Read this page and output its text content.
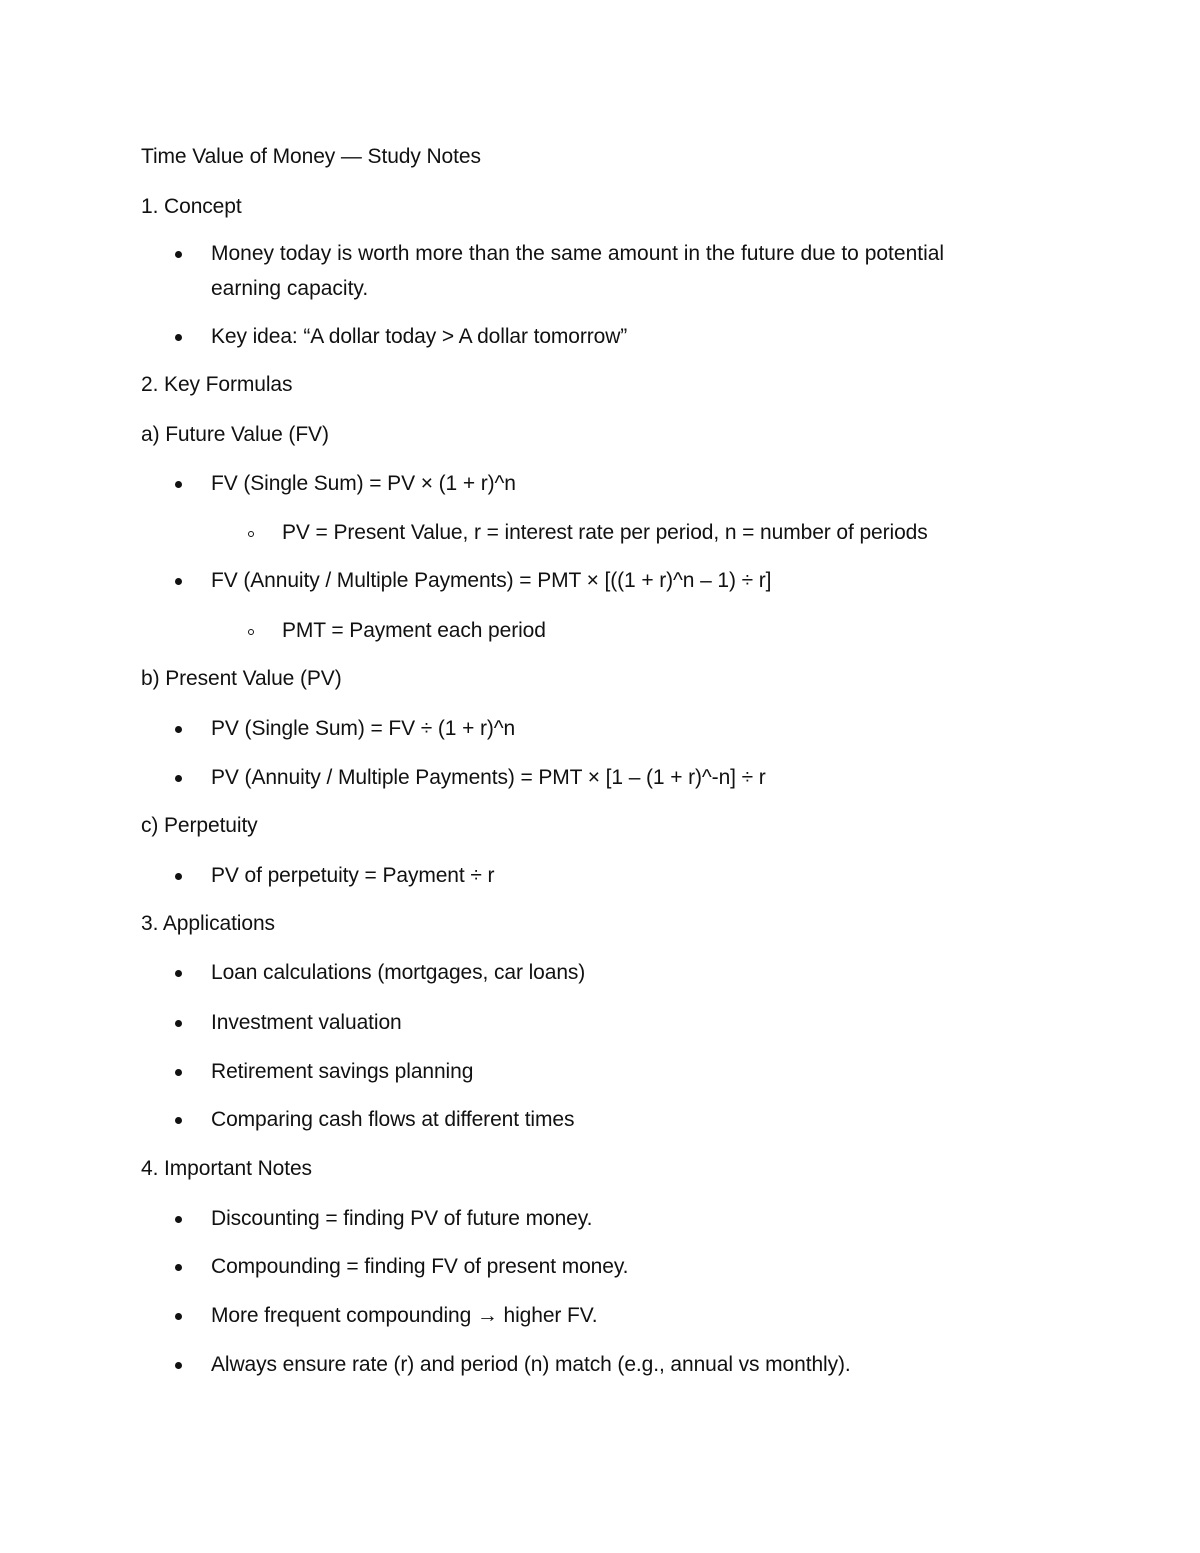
Time Value of Money — Study Notes
1. Concept
Money today is worth more than the same amount in the future due to potential earning capacity.
Key idea: “A dollar today > A dollar tomorrow”
2. Key Formulas
a) Future Value (FV)
FV (Single Sum) = PV × (1 + r)^n
PV = Present Value, r = interest rate per period, n = number of periods
FV (Annuity / Multiple Payments) = PMT × [((1 + r)^n – 1) ÷ r]
PMT = Payment each period
b) Present Value (PV)
PV (Single Sum) = FV ÷ (1 + r)^n
PV (Annuity / Multiple Payments) = PMT × [1 – (1 + r)^-n] ÷ r
c) Perpetuity
PV of perpetuity = Payment ÷ r
3. Applications
Loan calculations (mortgages, car loans)
Investment valuation
Retirement savings planning
Comparing cash flows at different times
4. Important Notes
Discounting = finding PV of future money.
Compounding = finding FV of present money.
More frequent compounding → higher FV.
Always ensure rate (r) and period (n) match (e.g., annual vs monthly).
